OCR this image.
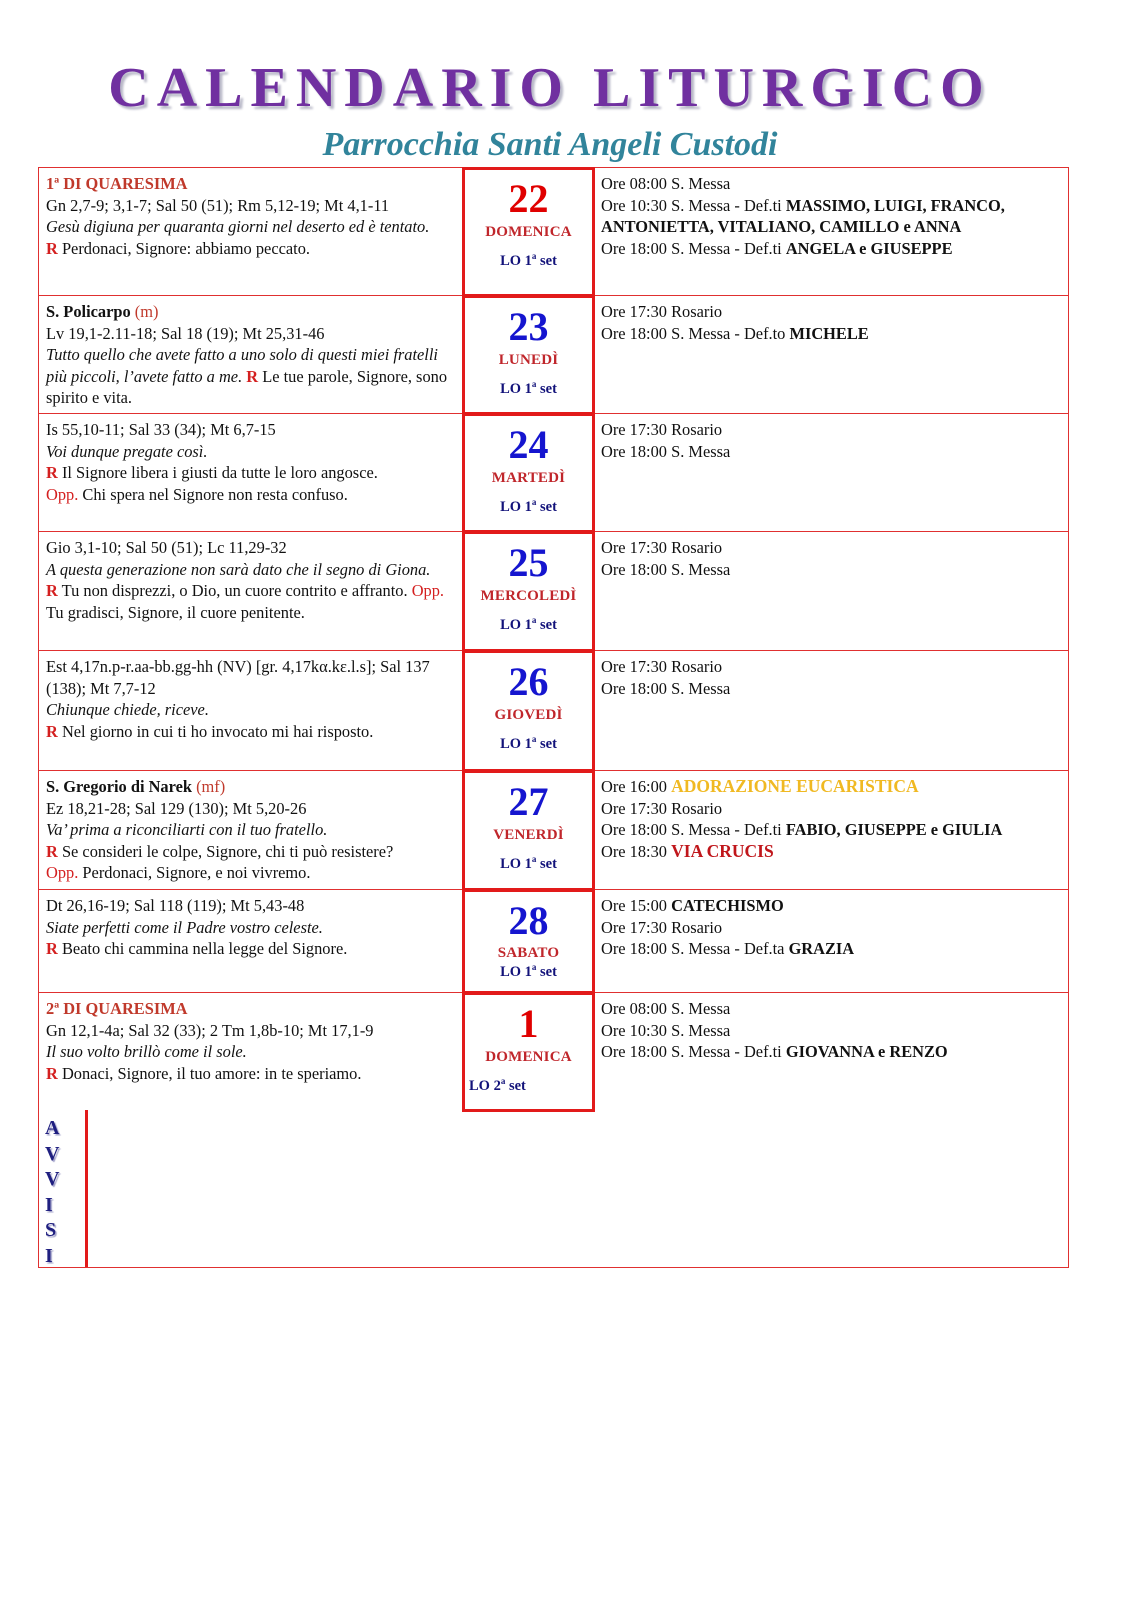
CALENDARIO LITURGICO
Parrocchia Santi Angeli Custodi
1ª DI QUARESIMA
Gn 2,7-9; 3,1-7; Sal 50 (51); Rm 5,12-19; Mt 4,1-11
Gesù digiuna per quaranta giorni nel deserto ed è tentato.
R Perdonaci, Signore: abbiamo peccato.
22
DOMENICA
LO 1$^a$ set
Ore 08:00 S. Messa
Ore 10:30 S. Messa - Def.ti MASSIMO, LUIGI, FRANCO, ANTONIETTA, VITALIANO, CAMILLO e ANNA
Ore 18:00 S. Messa - Def.ti ANGELA e GIUSEPPE
S. Policarpo (m)
Lv 19,1-2.11-18; Sal 18 (19); Mt 25,31-46
Tutto quello che avete fatto a uno solo di questi miei fratelli più piccoli, l’avete fatto a me. R Le tue parole, Signore, sono spirito e vita.
23
LUNEDÌ
LO 1$^a$ set
Ore 17:30 Rosario
Ore 18:00 S. Messa - Def.to MICHELE
Is 55,10-11; Sal 33 (34); Mt 6,7-15
Voi dunque pregate così.
R Il Signore libera i giusti da tutte le loro angosce.
Opp. Chi spera nel Signore non resta confuso.
24
MARTEDÌ
LO 1$^a$ set
Ore 17:30 Rosario
Ore 18:00 S. Messa
Gio 3,1-10; Sal 50 (51); Lc 11,29-32
A questa generazione non sarà dato che il segno di Giona.
R Tu non disprezzi, o Dio, un cuore contrito e affranto. Opp. Tu gradisci, Signore, il cuore penitente.
25
MERCOLEDÌ
LO 1$^a$ set
Ore 17:30 Rosario
Ore 18:00 S. Messa
Est 4,17n.p-r.aa-bb.gg-hh (NV) [gr. 4,17kα.kε.l.s]; Sal 137 (138); Mt 7,7-12
Chiunque chiede, riceve.
R Nel giorno in cui ti ho invocato mi hai risposto.
26
GIOVEDÌ
LO 1$^a$ set
Ore 17:30 Rosario
Ore 18:00 S. Messa
S. Gregorio di Narek (mf)
Ez 18,21-28; Sal 129 (130); Mt 5,20-26
Va’ prima a riconciliarti con il tuo fratello.
R Se consideri le colpe, Signore, chi ti può resistere?
Opp. Perdonaci, Signore, e noi vivremo.
27
VENERDÌ
LO 1$^a$ set
Ore 16:00 ADORAZIONE EUCARISTICA
Ore 17:30 Rosario
Ore 18:00 S. Messa - Def.ti FABIO, GIUSEPPE e GIULIA
Ore 18:30 VIA CRUCIS
Dt 26,16-19; Sal 118 (119); Mt 5,43-48
Siate perfetti come il Padre vostro celeste.
R Beato chi cammina nella legge del Signore.
28
SABATO
LO 1$^a$ set
Ore 15:00 CATECHISMO
Ore 17:30 Rosario
Ore 18:00 S. Messa - Def.ta GRAZIA
2ª DI QUARESIMA
Gn 12,1-4a; Sal 32 (33); 2 Tm 1,8b-10; Mt 17,1-9
Il suo volto brillò come il sole.
R Donaci, Signore, il tuo amore: in te speriamo.
1
DOMENICA
LO 2$^a$ set
Ore 08:00 S. Messa
Ore 10:30 S. Messa
Ore 18:00 S. Messa - Def.ti GIOVANNA e RENZO
A
V
V
I
S
I
